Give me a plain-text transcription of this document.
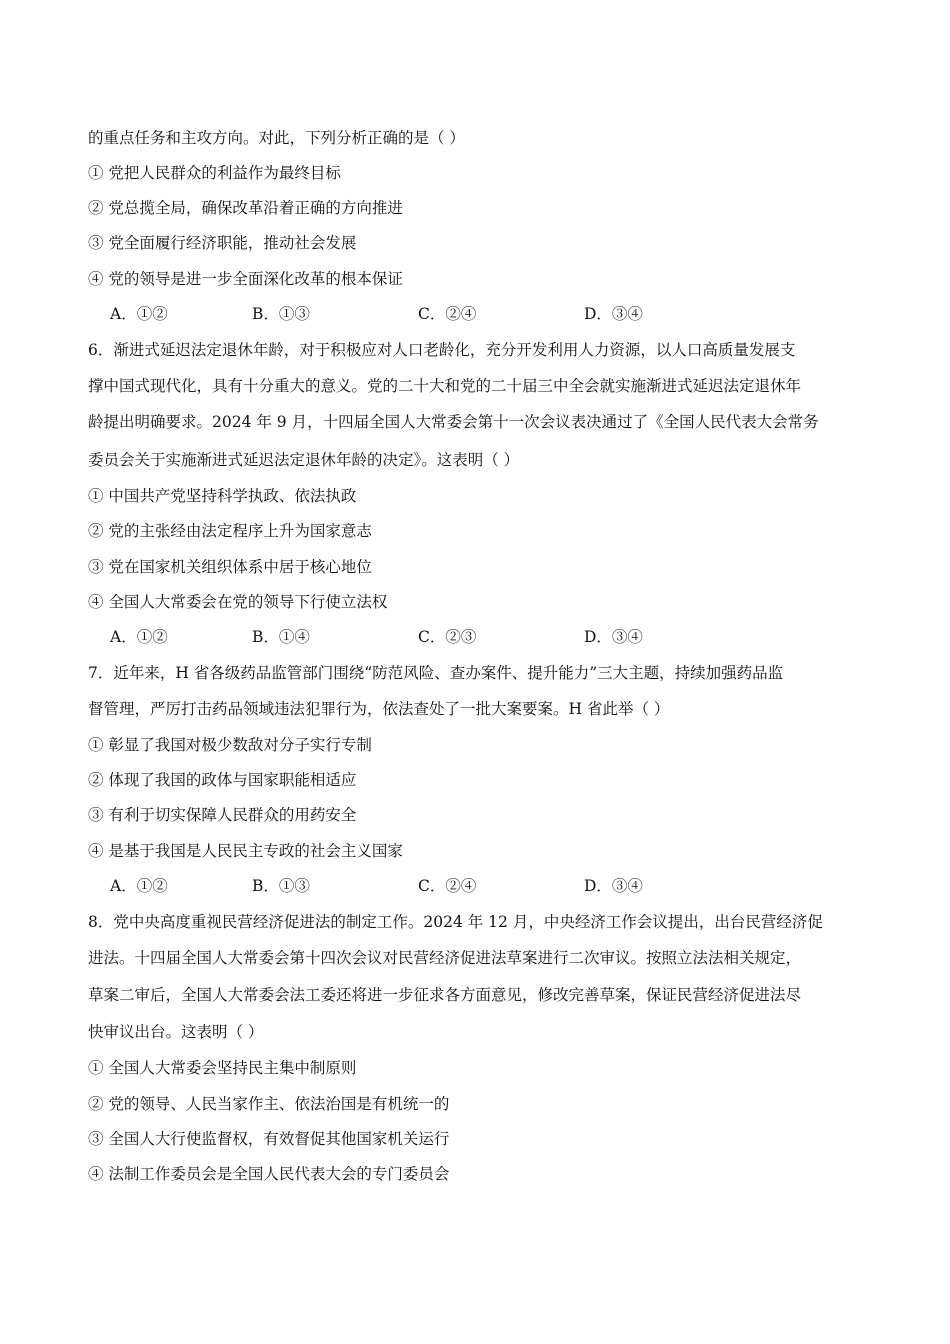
的重点任务和主攻方向。对此，下列分析正确的是（ ）
① 党把人民群众的利益作为最终目标
② 党总揽全局，确保改革沿着正确的方向推进
③ 党全面履行经济职能，推动社会发展
④ 党的领导是进一步全面深化改革的根本保证
A．①②	B．①③	C．②④	D．③④
6．渐进式延迟法定退休年龄，对于积极应对人口老龄化，充分开发利用人力资源，以人口高质量发展支
撑中国式现代化，具有十分重大的意义。党的二十大和党的二十届三中全会就实施渐进式延迟法定退休年
龄提出明确要求。2024 年 9 月，十四届全国人大常委会第十一次会议表决通过了《全国人民代表大会常务
委员会关于实施渐进式延迟法定退休年龄的决定》。这表明（ ）
① 中国共产党坚持科学执政、依法执政
② 党的主张经由法定程序上升为国家意志
③ 党在国家机关组织体系中居于核心地位
④ 全国人大常委会在党的领导下行使立法权
A．①②	B．①④	C．②③	D．③④
7．近年来，H 省各级药品监管部门围绕“防范风险、查办案件、提升能力”三大主题，持续加强药品监
督管理，严厉打击药品领域违法犯罪行为，依法查处了一批大案要案。H 省此举（ ）
① 彰显了我国对极少数敌对分子实行专制
② 体现了我国的政体与国家职能相适应
③ 有利于切实保障人民群众的用药安全
④ 是基于我国是人民民主专政的社会主义国家
A．①②	B．①③	C．②④	D．③④
8．党中央高度重视民营经济促进法的制定工作。2024 年 12 月，中央经济工作会议提出，出台民营经济促
进法。十四届全国人大常委会第十四次会议对民营经济促进法草案进行二次审议。按照立法法相关规定，
草案二审后，全国人大常委会法工委还将进一步征求各方面意见，修改完善草案，保证民营经济促进法尽
快审议出台。这表明（ ）
① 全国人大常委会坚持民主集中制原则
② 党的领导、人民当家作主、依法治国是有机统一的
③ 全国人大行使监督权，有效督促其他国家机关运行
④ 法制工作委员会是全国人民代表大会的专门委员会
